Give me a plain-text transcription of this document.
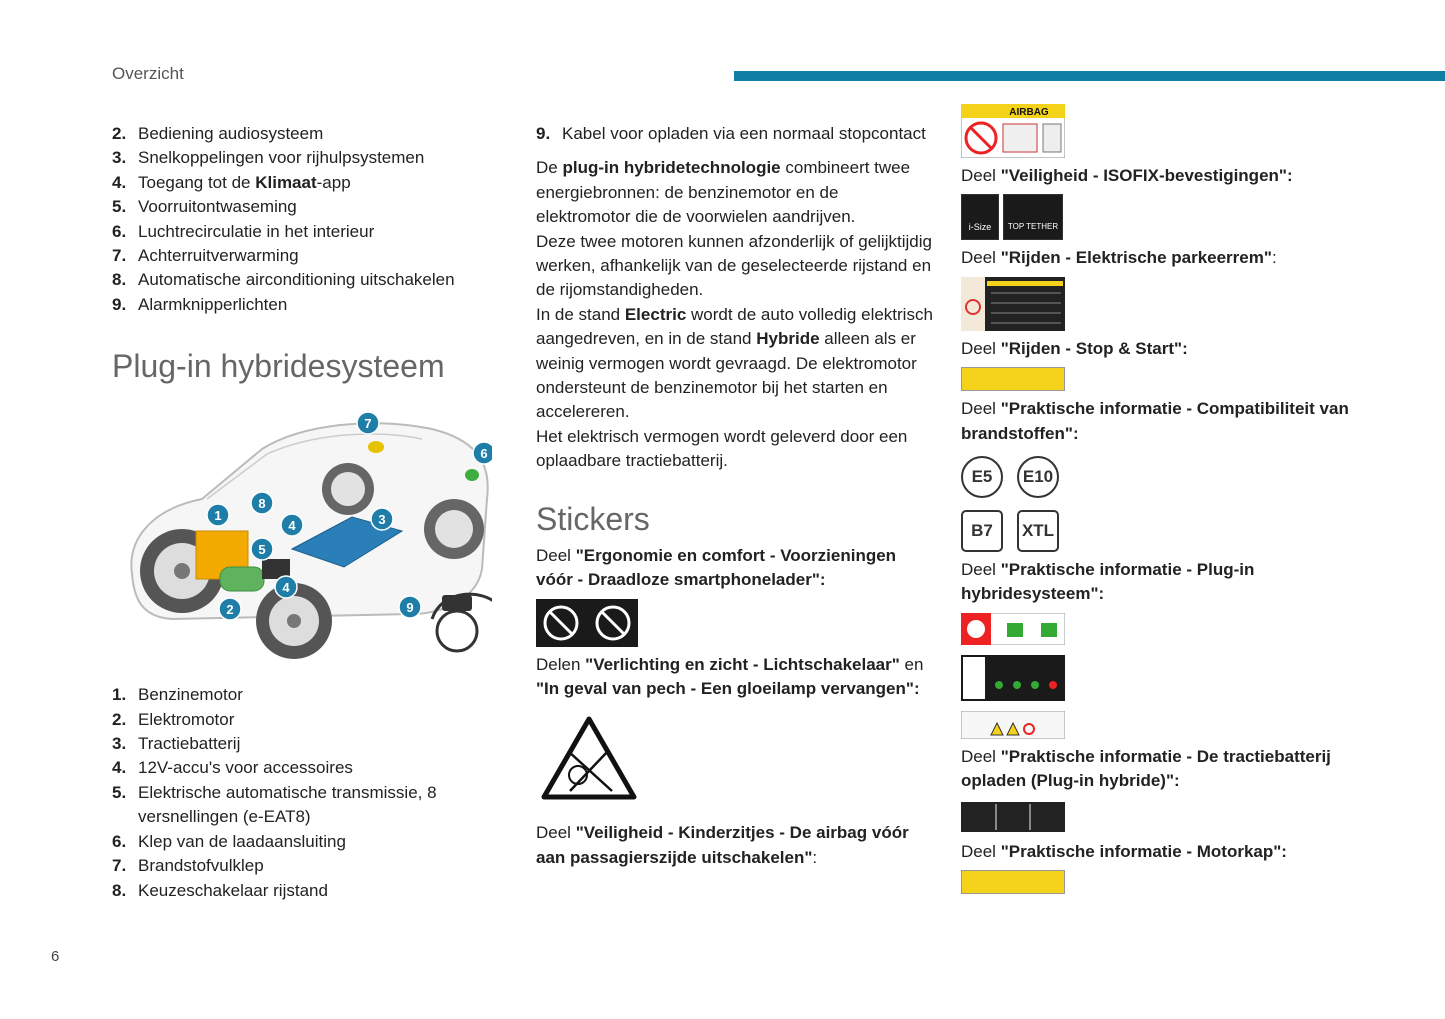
Overzicht
2. Bediening audiosysteem
3. Snelkoppelingen voor rijhulpsystemen
4. Toegang tot de Klimaat-app
5. Voorruitontwaseming
6. Luchtrecirculatie in het interieur
7. Achterruitverwarming
8. Automatische airconditioning uitschakelen
9. Alarmknipperlichten
Plug-in hybridesysteem
1
2
3
4
5
6
7
8
4
9
1. Benzinemotor
2. Elektromotor
3. Tractiebatterij
4. 12V-accu's voor accessoires
5. Elektrische automatische transmissie, 8 versnellingen (e-EAT8)
6. Klep van de laadaansluiting
7. Brandstofvulklep
8. Keuzeschakelaar rijstand
9. Kabel voor opladen via een normaal stopcontact

De plug-in hybridetechnologie combineert twee energiebronnen: de benzinemotor en de elektromotor die de voorwielen aandrijven.

Deze twee motoren kunnen afzonderlijk of gelijktijdig werken, afhankelijk van de geselecteerde rijstand en de rijomstandigheden.

In de stand Electric wordt de auto volledig elektrisch aangedreven, en in de stand Hybride alleen als er weinig vermogen wordt gevraagd. De elektromotor ondersteunt de benzinemotor bij het starten en accelereren.

Het elektrisch vermogen wordt geleverd door een oplaadbare tractiebatterij.

Stickers

Deel "Ergonomie en comfort - Voorzieningen vóór - Draadloze smartphonelader":

Delen "Verlichting en zicht - Lichtschakelaar" en "In geval van pech - Een gloeilamp vervangen":

Deel "Veiligheid - Kinderzitjes - De airbag vóór aan passagierszijde uitschakelen":

AIRBAG

Deel "Veiligheid - ISOFIX-bevestigingen":

i-Size TOP TETHER

Deel "Rijden - Elektrische parkeerrem":

Deel "Rijden - Stop & Start":

Deel "Praktische informatie - Compatibiliteit van brandstoffen":

E5	E10
B7	XTL

Deel "Praktische informatie - Plug-in hybridesysteem":

Deel "Praktische informatie - De tractiebatterij opladen (Plug-in hybride)":

Deel "Praktische informatie - Motorkap":

6
